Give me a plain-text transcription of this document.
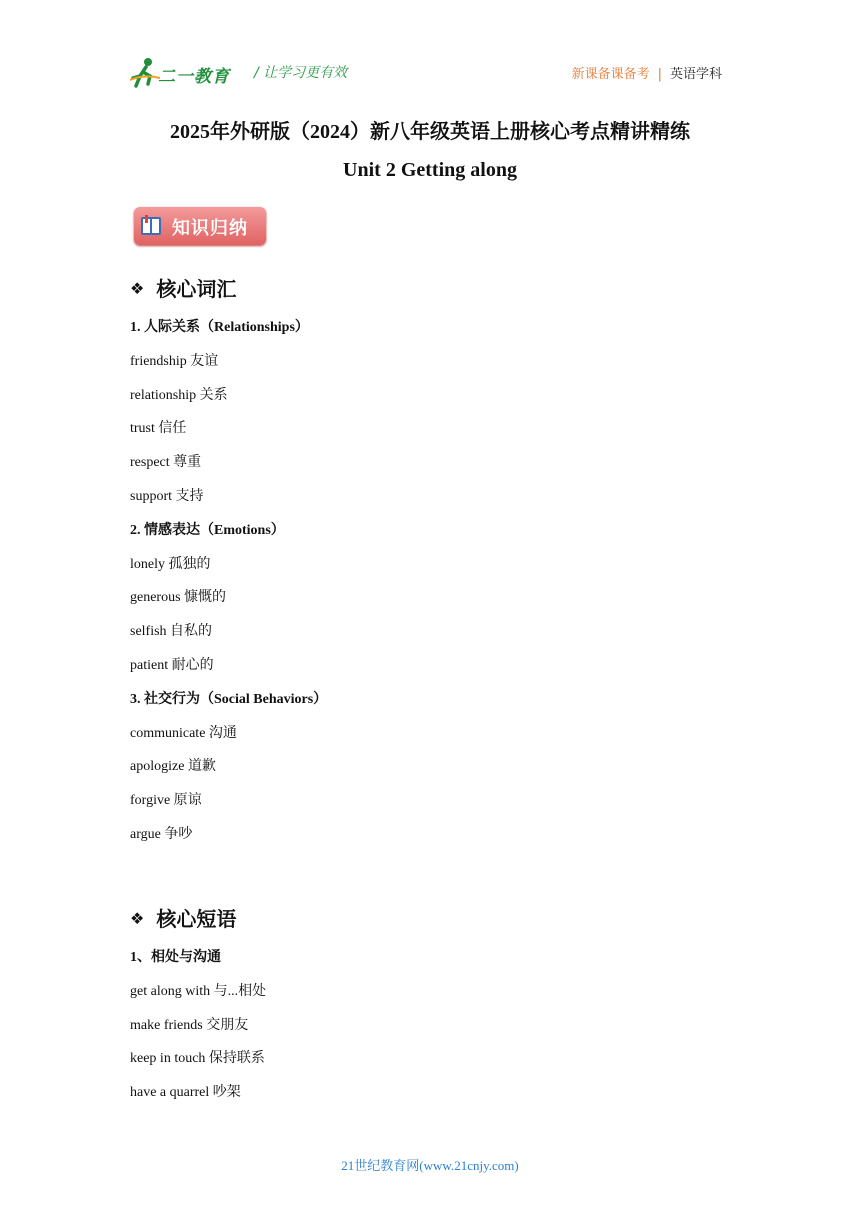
二一教育 / 让学习更有效	新课备课备考 | 英语学科
2025年外研版（2024）新八年级英语上册核心考点精讲精练
Unit 2 Getting along
知识归纳
❖ 核心词汇
1. 人际关系（Relationships）
friendship 友谊
relationship 关系
trust 信任
respect 尊重
support 支持
2. 情感表达（Emotions）
lonely 孤独的
generous 慷慨的
selfish 自私的
patient 耐心的
3. 社交行为（Social Behaviors）
communicate 沟通
apologize 道歉
forgive 原谅
argue 争吵
❖ 核心短语
1、相处与沟通
get along with 与...相处
make friends 交朋友
keep in touch 保持联系
have a quarrel 吵架
21世纪教育网(www.21cnjy.com)
